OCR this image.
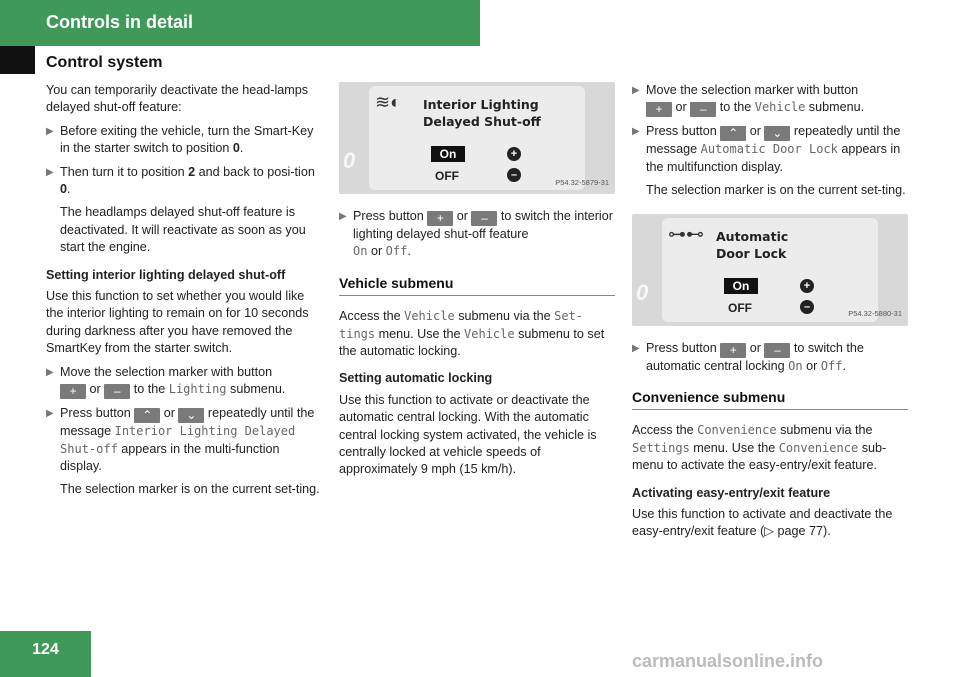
Controls in detail
Control system
You can temporarily deactivate the head-lamps delayed shut-off feature:
▶ Before exiting the vehicle, turn the Smart-Key in the starter switch to position 0.
▶ Then turn it to position 2 and back to posi-tion 0.
The headlamps delayed shut-off feature is deactivated. It will reactivate as soon as you start the engine.
Setting interior lighting delayed shut-off
Use this function to set whether you would like the interior lighting to remain on for 10 seconds during darkness after you have removed the SmartKey from the starter switch.
▶ Move the selection marker with button
+ or – to the Lighting submenu.
▶ Press button ⌃ or ⌄ repeatedly until the message Interior Lighting Delayed Shut-off appears in the multi-function display.
The selection marker is on the current set-ting.
0
≋◐ Interior Lighting
Delayed Shut-off
On
OFF
+
–
P54.32-5879-31
▶ Press button + or – to switch the interior lighting delayed shut-off feature
On or Off.
Vehicle submenu
Access the Vehicle submenu via the Set-tings menu. Use the Vehicle submenu to set the automatic locking.
Setting automatic locking
Use this function to activate or deactivate the automatic central locking. With the automatic central locking system activated, the vehicle is centrally locked at vehicle speeds of approximately 9 mph (15 km/h).
▶ Move the selection marker with button
+ or – to the Vehicle submenu.
▶ Press button ⌃ or ⌄ repeatedly until the message Automatic Door Lock appears in the multifunction display.
The selection marker is on the current set-ting.
0
⊶⊷ Automatic
Door Lock
On
OFF
+
–
P54.32-5880-31
▶ Press button + or – to switch the automatic central locking On or Off.
Convenience submenu
Access the Convenience submenu via the Settings menu. Use the Convenience sub-menu to activate the easy-entry/exit feature.
Activating easy-entry/exit feature
Use this function to activate and deactivate the easy-entry/exit feature (▷ page 77).
124
carmanualsonline.info
